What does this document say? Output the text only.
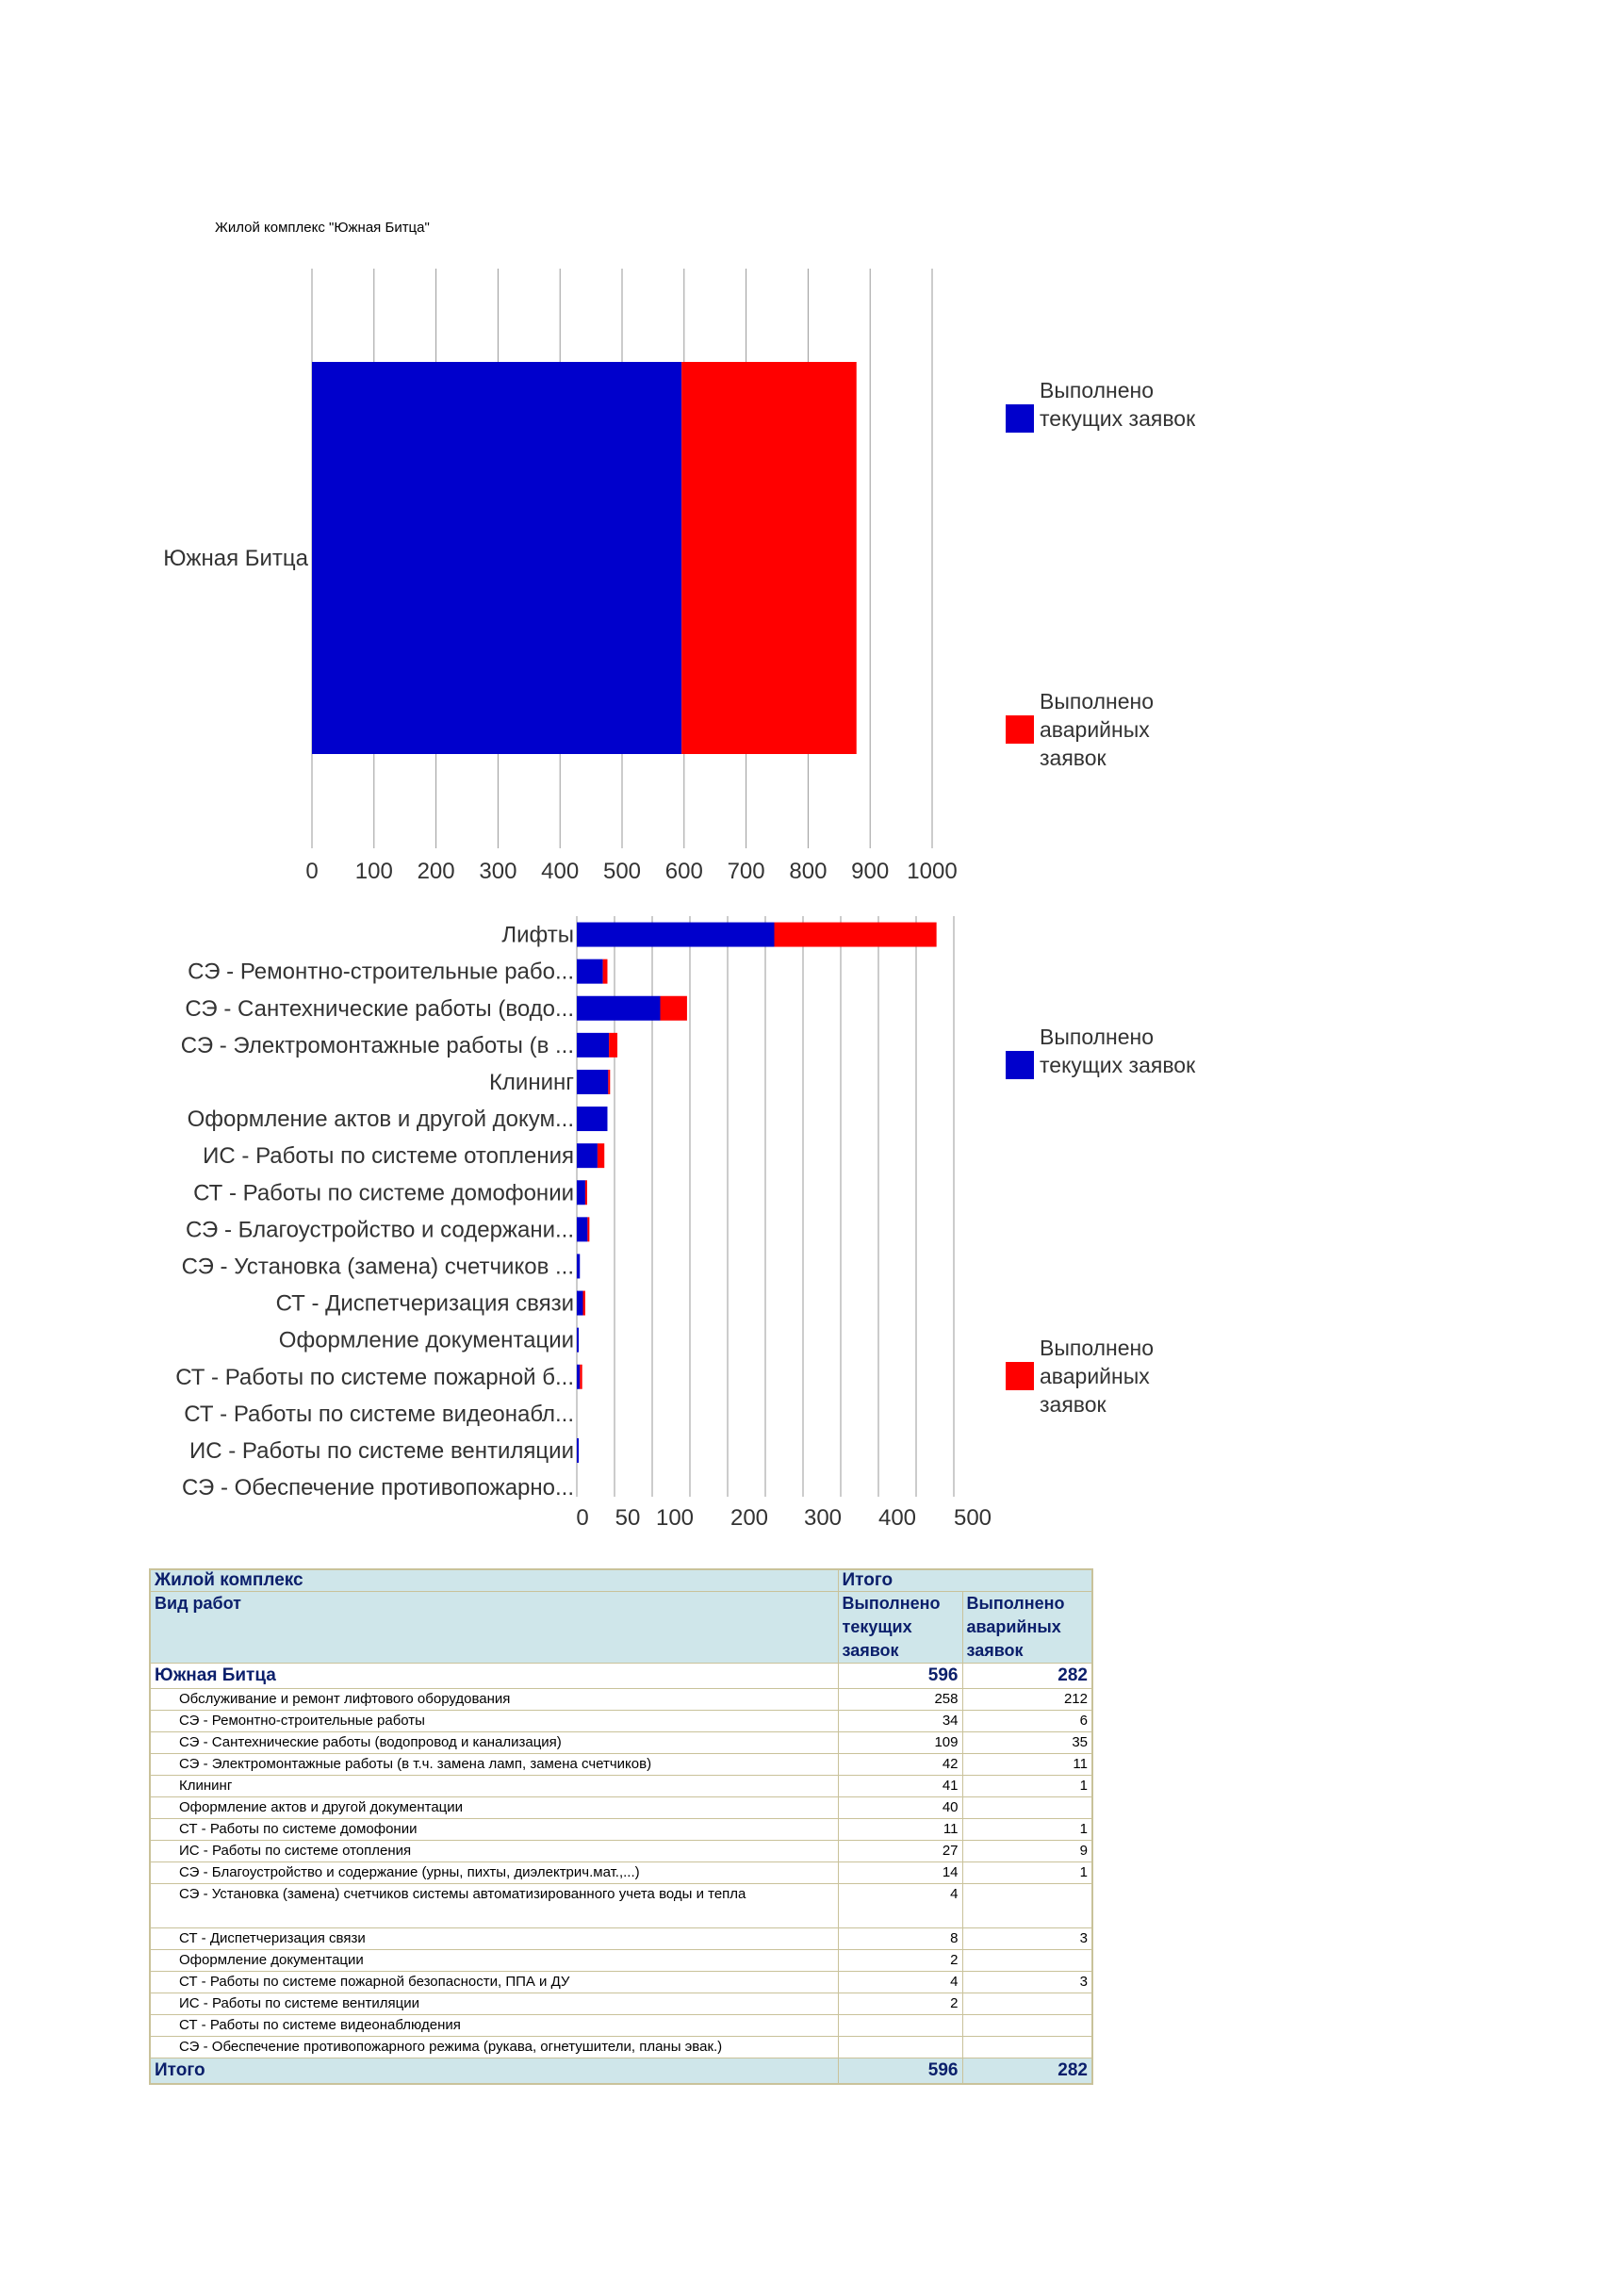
Жилой комплекс "Южная Битца"
0 100 200 300 400 500 600 700 800 900 1000
Южная Битца
Выполнено текущих заявок
Выполнено аварийных заявок
0 50 100 200 300 400 500
Лифты
СЭ - Ремонтно-строительные рабо...
СЭ - Сантехнические работы (водо...
СЭ - Электромонтажные работы (в ...
Клининг
Оформление актов и другой докум...
ИС - Работы по системе отопления
СТ - Работы по системе домофонии
СЭ - Благоустройство и содержани...
СЭ - Установка (замена) счетчиков ...
СТ - Диспетчеризация связи
Оформление документации
СТ - Работы по системе пожарной б...
СТ - Работы по системе видеонабл...
ИС - Работы по системе вентиляции
СЭ - Обеспечение противопожарно...
Выполнено текущих заявок
Выполнено аварийных заявок
Жилой комплекс	Итого	
Вид работ	Выполнено текущих заявок	Выполнено аварийных заявок
Южная Битца	596	282
Обслуживание и ремонт лифтового оборудования	258	212
СЭ - Ремонтно-строительные работы	34	6
СЭ - Сантехнические работы (водопровод и канализация)	109	35
СЭ - Электромонтажные работы (в т.ч. замена ламп, замена счетчиков)	42	11
Клининг	41	1
Оформление актов и другой документации	40	
СТ - Работы по системе домофонии	11	1
ИС - Работы по системе отопления	27	9
СЭ - Благоустройство и содержание (урны, пихты, диэлектрич.мат.,...)	14	1
СЭ - Установка (замена) счетчиков системы автоматизированного учета воды и тепла	4	
СТ - Диспетчеризация связи	8	3
Оформление документации	2	
СТ - Работы по системе пожарной безопасности, ППА и ДУ	4	3
ИС - Работы по системе вентиляции	2	
СТ - Работы по системе видеонаблюдения		
СЭ - Обеспечение противопожарного режима (рукава, огнетушители, планы эвак.)		
Итого	596	282
